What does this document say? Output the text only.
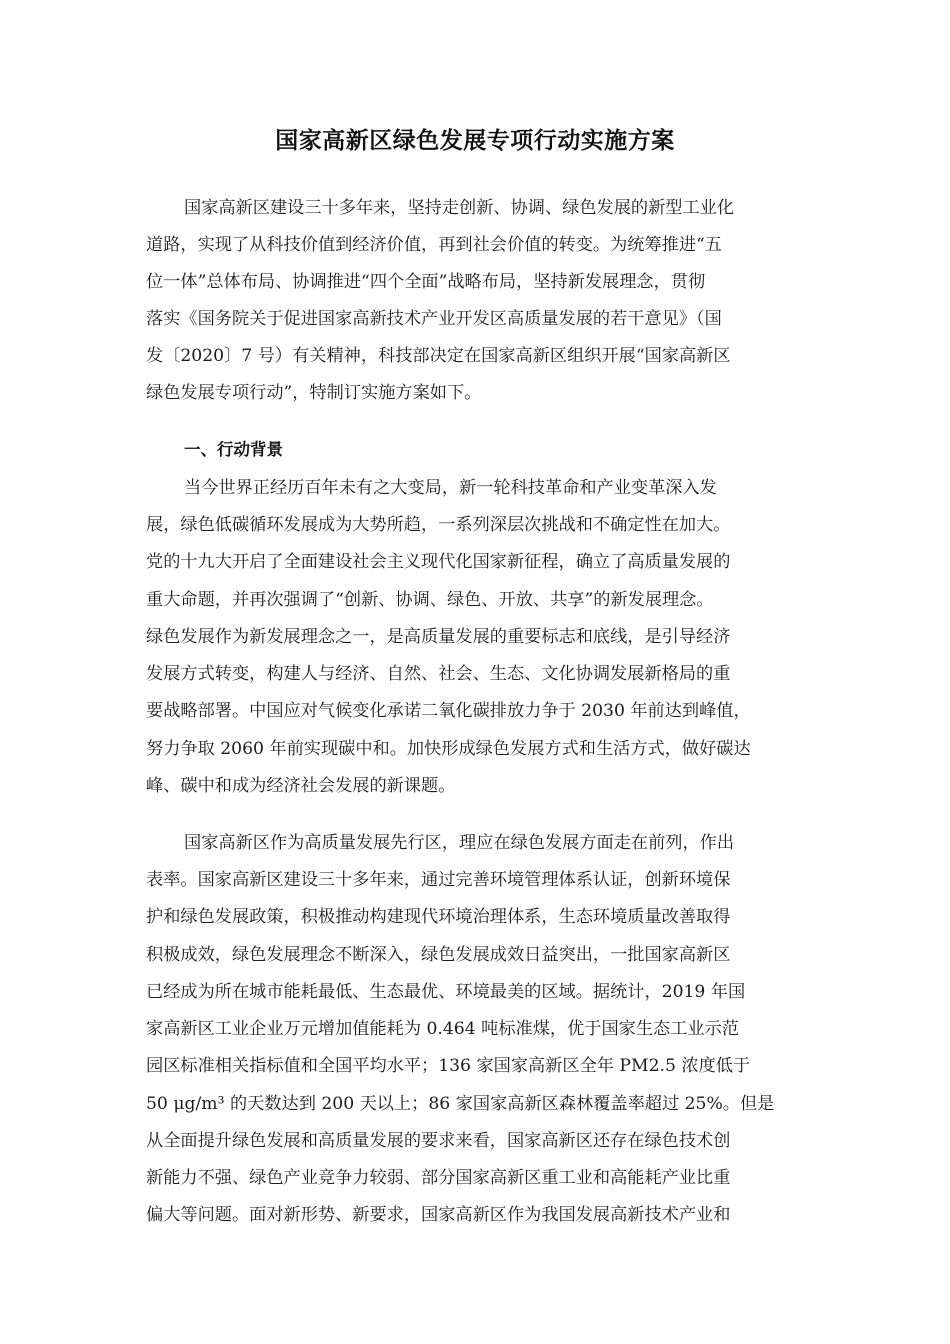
国家高新区绿色发展专项行动实施方案
国家高新区建设三十多年来，坚持走创新、协调、绿色发展的新型工业化
道路，实现了从科技价值到经济价值，再到社会价值的转变。为统筹推进“五
位一体”总体布局、协调推进“四个全面”战略布局，坚持新发展理念，贯彻
落实《国务院关于促进国家高新技术产业开发区高质量发展的若干意见》（国
发〔2020〕7 号）有关精神，科技部决定在国家高新区组织开展“国家高新区
绿色发展专项行动”，特制订实施方案如下。
一、行动背景
当今世界正经历百年未有之大变局，新一轮科技革命和产业变革深入发
展，绿色低碳循环发展成为大势所趋，一系列深层次挑战和不确定性在加大。
党的十九大开启了全面建设社会主义现代化国家新征程，确立了高质量发展的
重大命题，并再次强调了“创新、协调、绿色、开放、共享”的新发展理念。
绿色发展作为新发展理念之一，是高质量发展的重要标志和底线，是引导经济
发展方式转变，构建人与经济、自然、社会、生态、文化协调发展新格局的重
要战略部署。中国应对气候变化承诺二氧化碳排放力争于 2030 年前达到峰值，
努力争取 2060 年前实现碳中和。加快形成绿色发展方式和生活方式，做好碳达
峰、碳中和成为经济社会发展的新课题。
国家高新区作为高质量发展先行区，理应在绿色发展方面走在前列，作出
表率。国家高新区建设三十多年来，通过完善环境管理体系认证，创新环境保
护和绿色发展政策，积极推动构建现代环境治理体系，生态环境质量改善取得
积极成效，绿色发展理念不断深入，绿色发展成效日益突出，一批国家高新区
已经成为所在城市能耗最低、生态最优、环境最美的区域。据统计，2019 年国
家高新区工业企业万元增加值能耗为 0.464 吨标准煤，优于国家生态工业示范
园区标准相关指标值和全国平均水平；136 家国家高新区全年 PM2.5 浓度低于
50 μg/m³ 的天数达到 200 天以上；86 家国家高新区森林覆盖率超过 25%。但是
从全面提升绿色发展和高质量发展的要求来看，国家高新区还存在绿色技术创
新能力不强、绿色产业竞争力较弱、部分国家高新区重工业和高能耗产业比重
偏大等问题。面对新形势、新要求，国家高新区作为我国发展高新技术产业和
